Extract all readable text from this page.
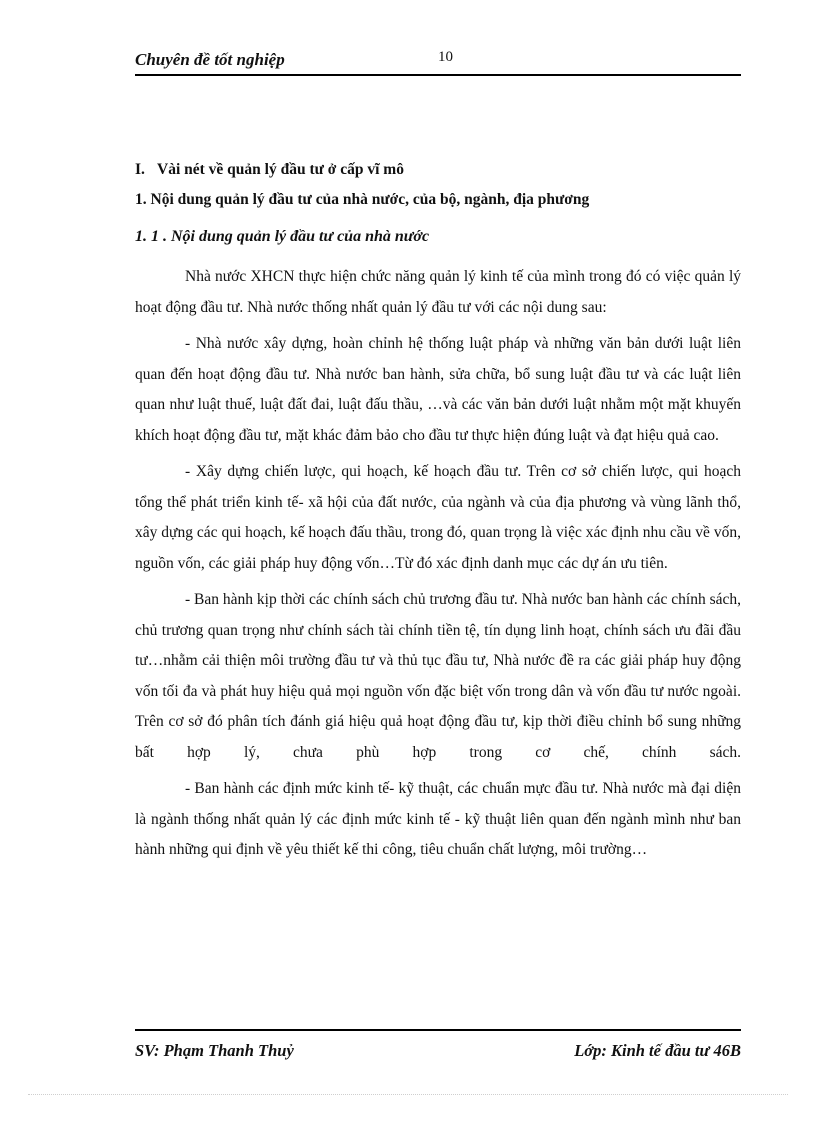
Chuyên đề tốt nghiệp	10

I. Vài nét về quản lý đầu tư ở cấp vĩ mô

1. Nội dung quản lý đầu tư của nhà nước, của bộ, ngành, địa phương

1. 1 . Nội dung quản lý đầu tư của nhà nước

Nhà nước XHCN thực hiện chức năng quản lý kinh tế của mình trong đó có việc quản lý hoạt động đầu tư. Nhà nước thống nhất quản lý đầu tư với các nội dung sau:

- Nhà nước xây dựng, hoàn chỉnh hệ thống luật pháp và những văn bản dưới luật liên quan đến hoạt động đầu tư. Nhà nước ban hành, sửa chữa, bổ sung luật đầu tư và các luật liên quan như luật thuế, luật đất đai, luật đấu thầu, …và các văn bản dưới luật nhằm một mặt khuyến khích hoạt động đầu tư, mặt khác đảm bảo cho đầu tư thực hiện đúng luật và đạt hiệu quả cao.

- Xây dựng chiến lược, qui hoạch, kế hoạch đầu tư. Trên cơ sở chiến lược, qui hoạch tổng thể phát triển kinh tế- xã hội của đất nước, của ngành và của địa phương và vùng lãnh thổ, xây dựng các qui hoạch, kế hoạch đấu thầu, trong đó, quan trọng là việc xác định nhu cầu về vốn, nguồn vốn, các giải pháp huy động vốn…Từ đó xác định danh mục các dự án ưu tiên.

- Ban hành kịp thời các chính sách chủ trương đầu tư. Nhà nước ban hành các chính sách, chủ trương quan trọng như chính sách tài chính tiền tệ, tín dụng linh hoạt, chính sách ưu đãi đầu tư…nhằm cải thiện môi trường đầu tư và thủ tục đầu tư, Nhà nước đề ra các giải pháp huy động vốn tối đa và phát huy hiệu quả mọi nguồn vốn đặc biệt vốn trong dân và vốn đầu tư nước ngoài. Trên cơ sở đó phân tích đánh giá hiệu quả hoạt động đầu tư, kịp thời điều chỉnh bổ sung những bất hợp lý, chưa phù hợp trong cơ chế, chính sách.

- Ban hành các định mức kinh tế- kỹ thuật, các chuẩn mực đầu tư. Nhà nước mà đại diện là ngành thống nhất quản lý các định mức kinh tế - kỹ thuật liên quan đến ngành mình như ban hành những qui định về yêu thiết kế thi công, tiêu chuẩn chất lượng, môi trường…

SV: Phạm Thanh Thuỷ	Lớp: Kinh tế đầu tư 46B
